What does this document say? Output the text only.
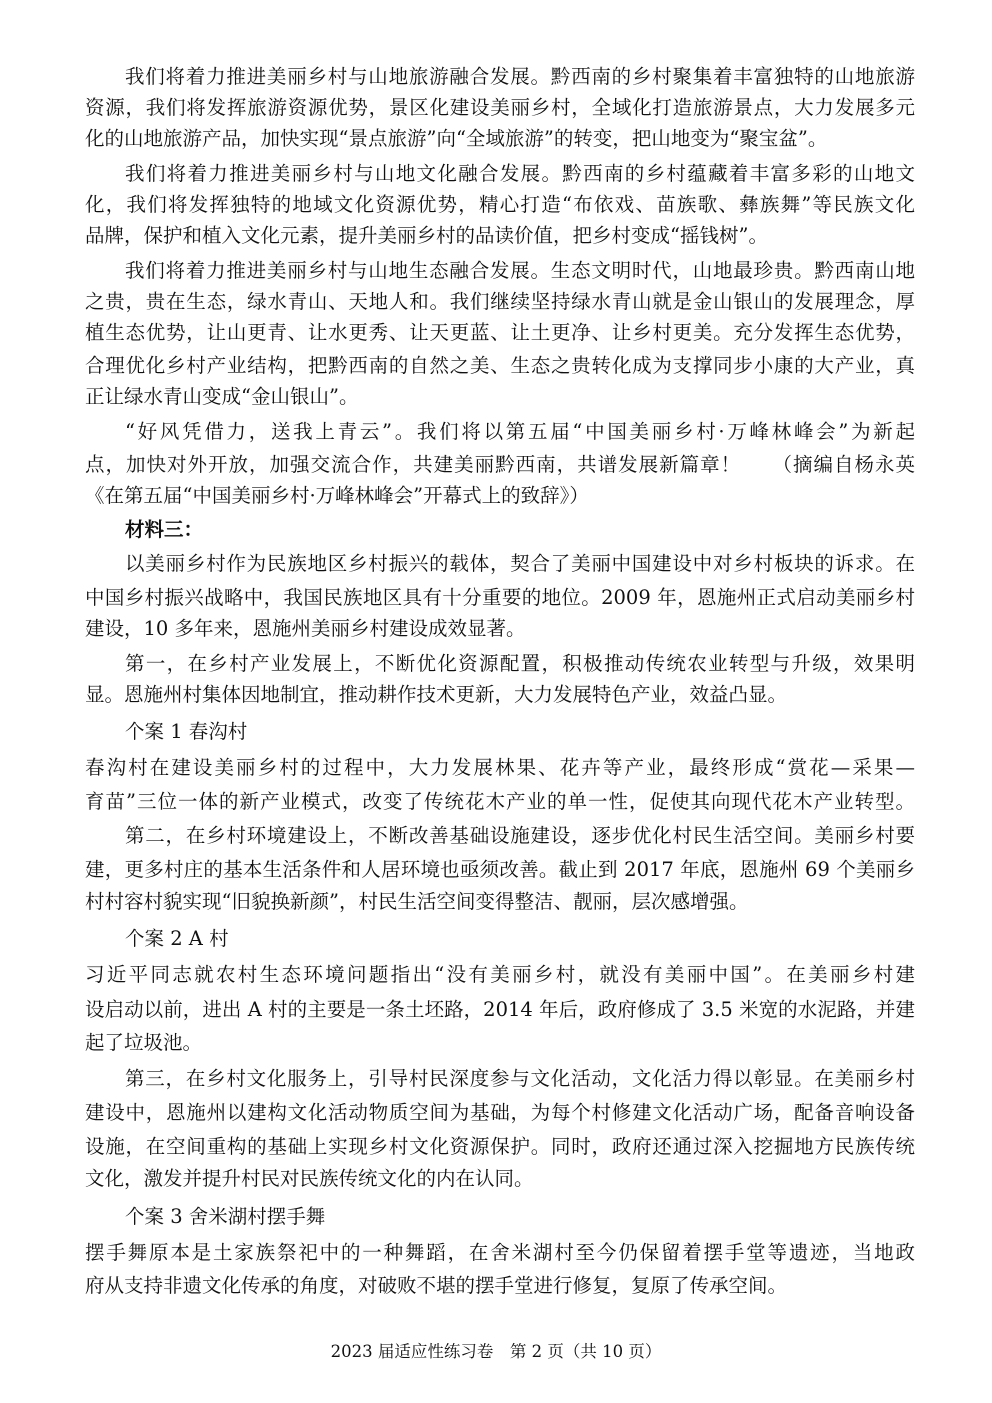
我们将着力推进美丽乡村与山地旅游融合发展。黔西南的乡村聚集着丰富独特的山地旅游
资源，我们将发挥旅游资源优势，景区化建设美丽乡村，全域化打造旅游景点，大力发展多元
化的山地旅游产品，加快实现“景点旅游”向“全域旅游”的转变，把山地变为“聚宝盆”。
我们将着力推进美丽乡村与山地文化融合发展。黔西南的乡村蕴藏着丰富多彩的山地文
化，我们将发挥独特的地域文化资源优势，精心打造“布依戏、苗族歌、彝族舞”等民族文化
品牌，保护和植入文化元素，提升美丽乡村的品读价值，把乡村变成“摇钱树”。
我们将着力推进美丽乡村与山地生态融合发展。生态文明时代，山地最珍贵。黔西南山地
之贵，贵在生态，绿水青山、天地人和。我们继续坚持绿水青山就是金山银山的发展理念，厚
植生态优势，让山更青、让水更秀、让天更蓝、让土更净、让乡村更美。充分发挥生态优势，
合理优化乡村产业结构，把黔西南的自然之美、生态之贵转化成为支撑同步小康的大产业，真
正让绿水青山变成“金山银山”。
“好风凭借力，送我上青云”。我们将以第五届“中国美丽乡村·万峰林峰会”为新起
点，加快对外开放，加强交流合作，共建美丽黔西南，共谱发展新篇章！　　（摘编自杨永英
《在第五届“中国美丽乡村·万峰林峰会”开幕式上的致辞》）
材料三：
以美丽乡村作为民族地区乡村振兴的载体，契合了美丽中国建设中对乡村板块的诉求。在
中国乡村振兴战略中，我国民族地区具有十分重要的地位。2009 年，恩施州正式启动美丽乡村
建设，10 多年来，恩施州美丽乡村建设成效显著。
第一，在乡村产业发展上，不断优化资源配置，积极推动传统农业转型与升级，效果明
显。恩施州村集体因地制宜，推动耕作技术更新，大力发展特色产业，效益凸显。
个案 1 春沟村
春沟村在建设美丽乡村的过程中，大力发展林果、花卉等产业，最终形成“赏花—采果—
育苗”三位一体的新产业模式，改变了传统花木产业的单一性，促使其向现代花木产业转型。
第二，在乡村环境建设上，不断改善基础设施建设，逐步优化村民生活空间。美丽乡村要
建，更多村庄的基本生活条件和人居环境也亟须改善。截止到 2017 年底，恩施州 69 个美丽乡
村村容村貌实现“旧貌换新颜”，村民生活空间变得整洁、靓丽，层次感增强。
个案 2 A 村
习近平同志就农村生态环境问题指出“没有美丽乡村，就没有美丽中国”。在美丽乡村建
设启动以前，进出 A 村的主要是一条土坯路，2014 年后，政府修成了 3.5 米宽的水泥路，并建
起了垃圾池。
第三，在乡村文化服务上，引导村民深度参与文化活动，文化活力得以彰显。在美丽乡村
建设中，恩施州以建构文化活动物质空间为基础，为每个村修建文化活动广场，配备音响设备
设施，在空间重构的基础上实现乡村文化资源保护。同时，政府还通过深入挖掘地方民族传统
文化，激发并提升村民对民族传统文化的内在认同。
个案 3 舍米湖村摆手舞
摆手舞原本是土家族祭祀中的一种舞蹈，在舍米湖村至今仍保留着摆手堂等遗迹，当地政
府从支持非遗文化传承的角度，对破败不堪的摆手堂进行修复，复原了传承空间。
2023 届适应性练习卷　第 2 页（共 10 页）
